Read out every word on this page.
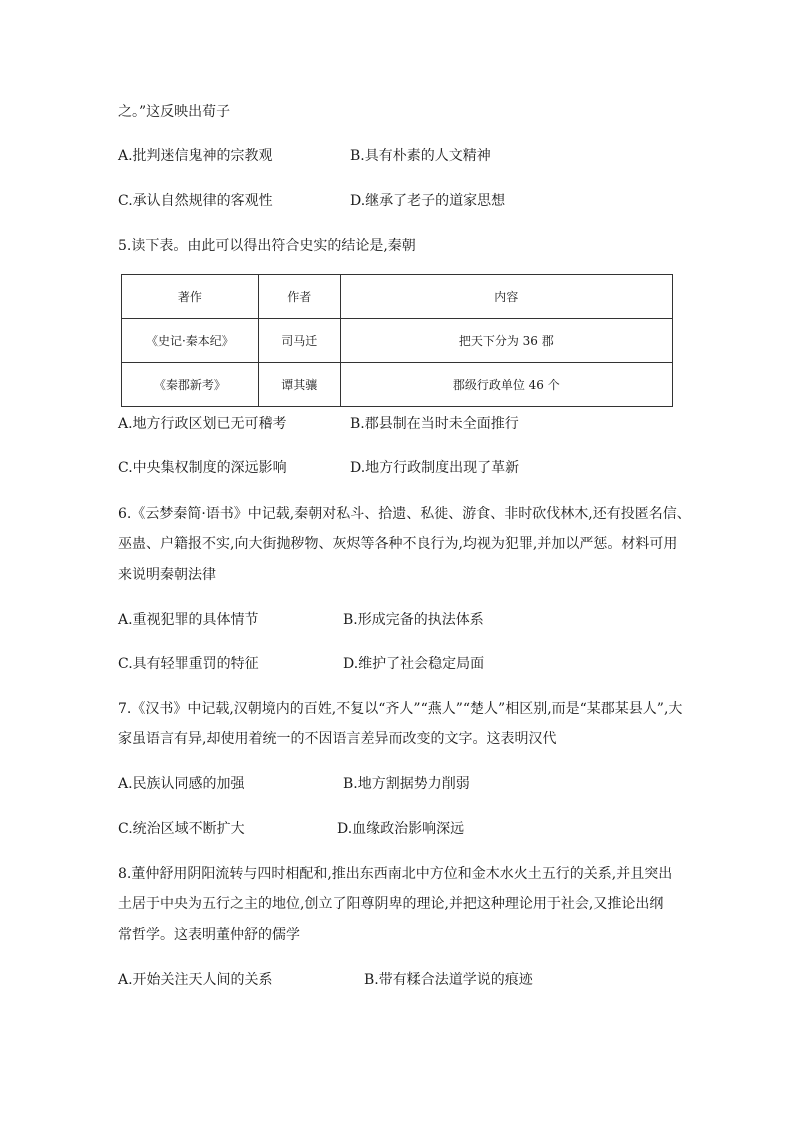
之。”这反映出荀子
A.批判迷信鬼神的宗教观	B.具有朴素的人文精神
C.承认自然规律的客观性	D.继承了老子的道家思想
5.读下表。由此可以得出符合史实的结论是,秦朝
著作	作者	内容
《史记·秦本纪》	司马迁	把天下分为 36 郡
《秦郡新考》	谭其骧	郡级行政单位 46 个
A.地方行政区划已无可稽考	B.郡县制在当时未全面推行
C.中央集权制度的深远影响	D.地方行政制度出现了革新
6.《云梦秦简·语书》中记载,秦朝对私斗、拾遗、私徙、游食、非时砍伐林木,还有投匿名信、
巫蛊、户籍报不实,向大街抛秽物、灰烬等各种不良行为,均视为犯罪,并加以严惩。材料可用
来说明秦朝法律
A.重视犯罪的具体情节	B.形成完备的执法体系
C.具有轻罪重罚的特征	D.维护了社会稳定局面
7.《汉书》中记载,汉朝境内的百姓,不复以“齐人”“燕人”“楚人”相区别,而是“某郡某县人”,大
家虽语言有异,却使用着统一的不因语言差异而改变的文字。这表明汉代
A.民族认同感的加强	B.地方割据势力削弱
C.统治区域不断扩大	D.血缘政治影响深远
8.董仲舒用阴阳流转与四时相配和,推出东西南北中方位和金木水火土五行的关系,并且突出
土居于中央为五行之主的地位,创立了阳尊阴卑的理论,并把这种理论用于社会,又推论出纲
常哲学。这表明董仲舒的儒学
A.开始关注天人间的关系	B.带有糅合法道学说的痕迹
